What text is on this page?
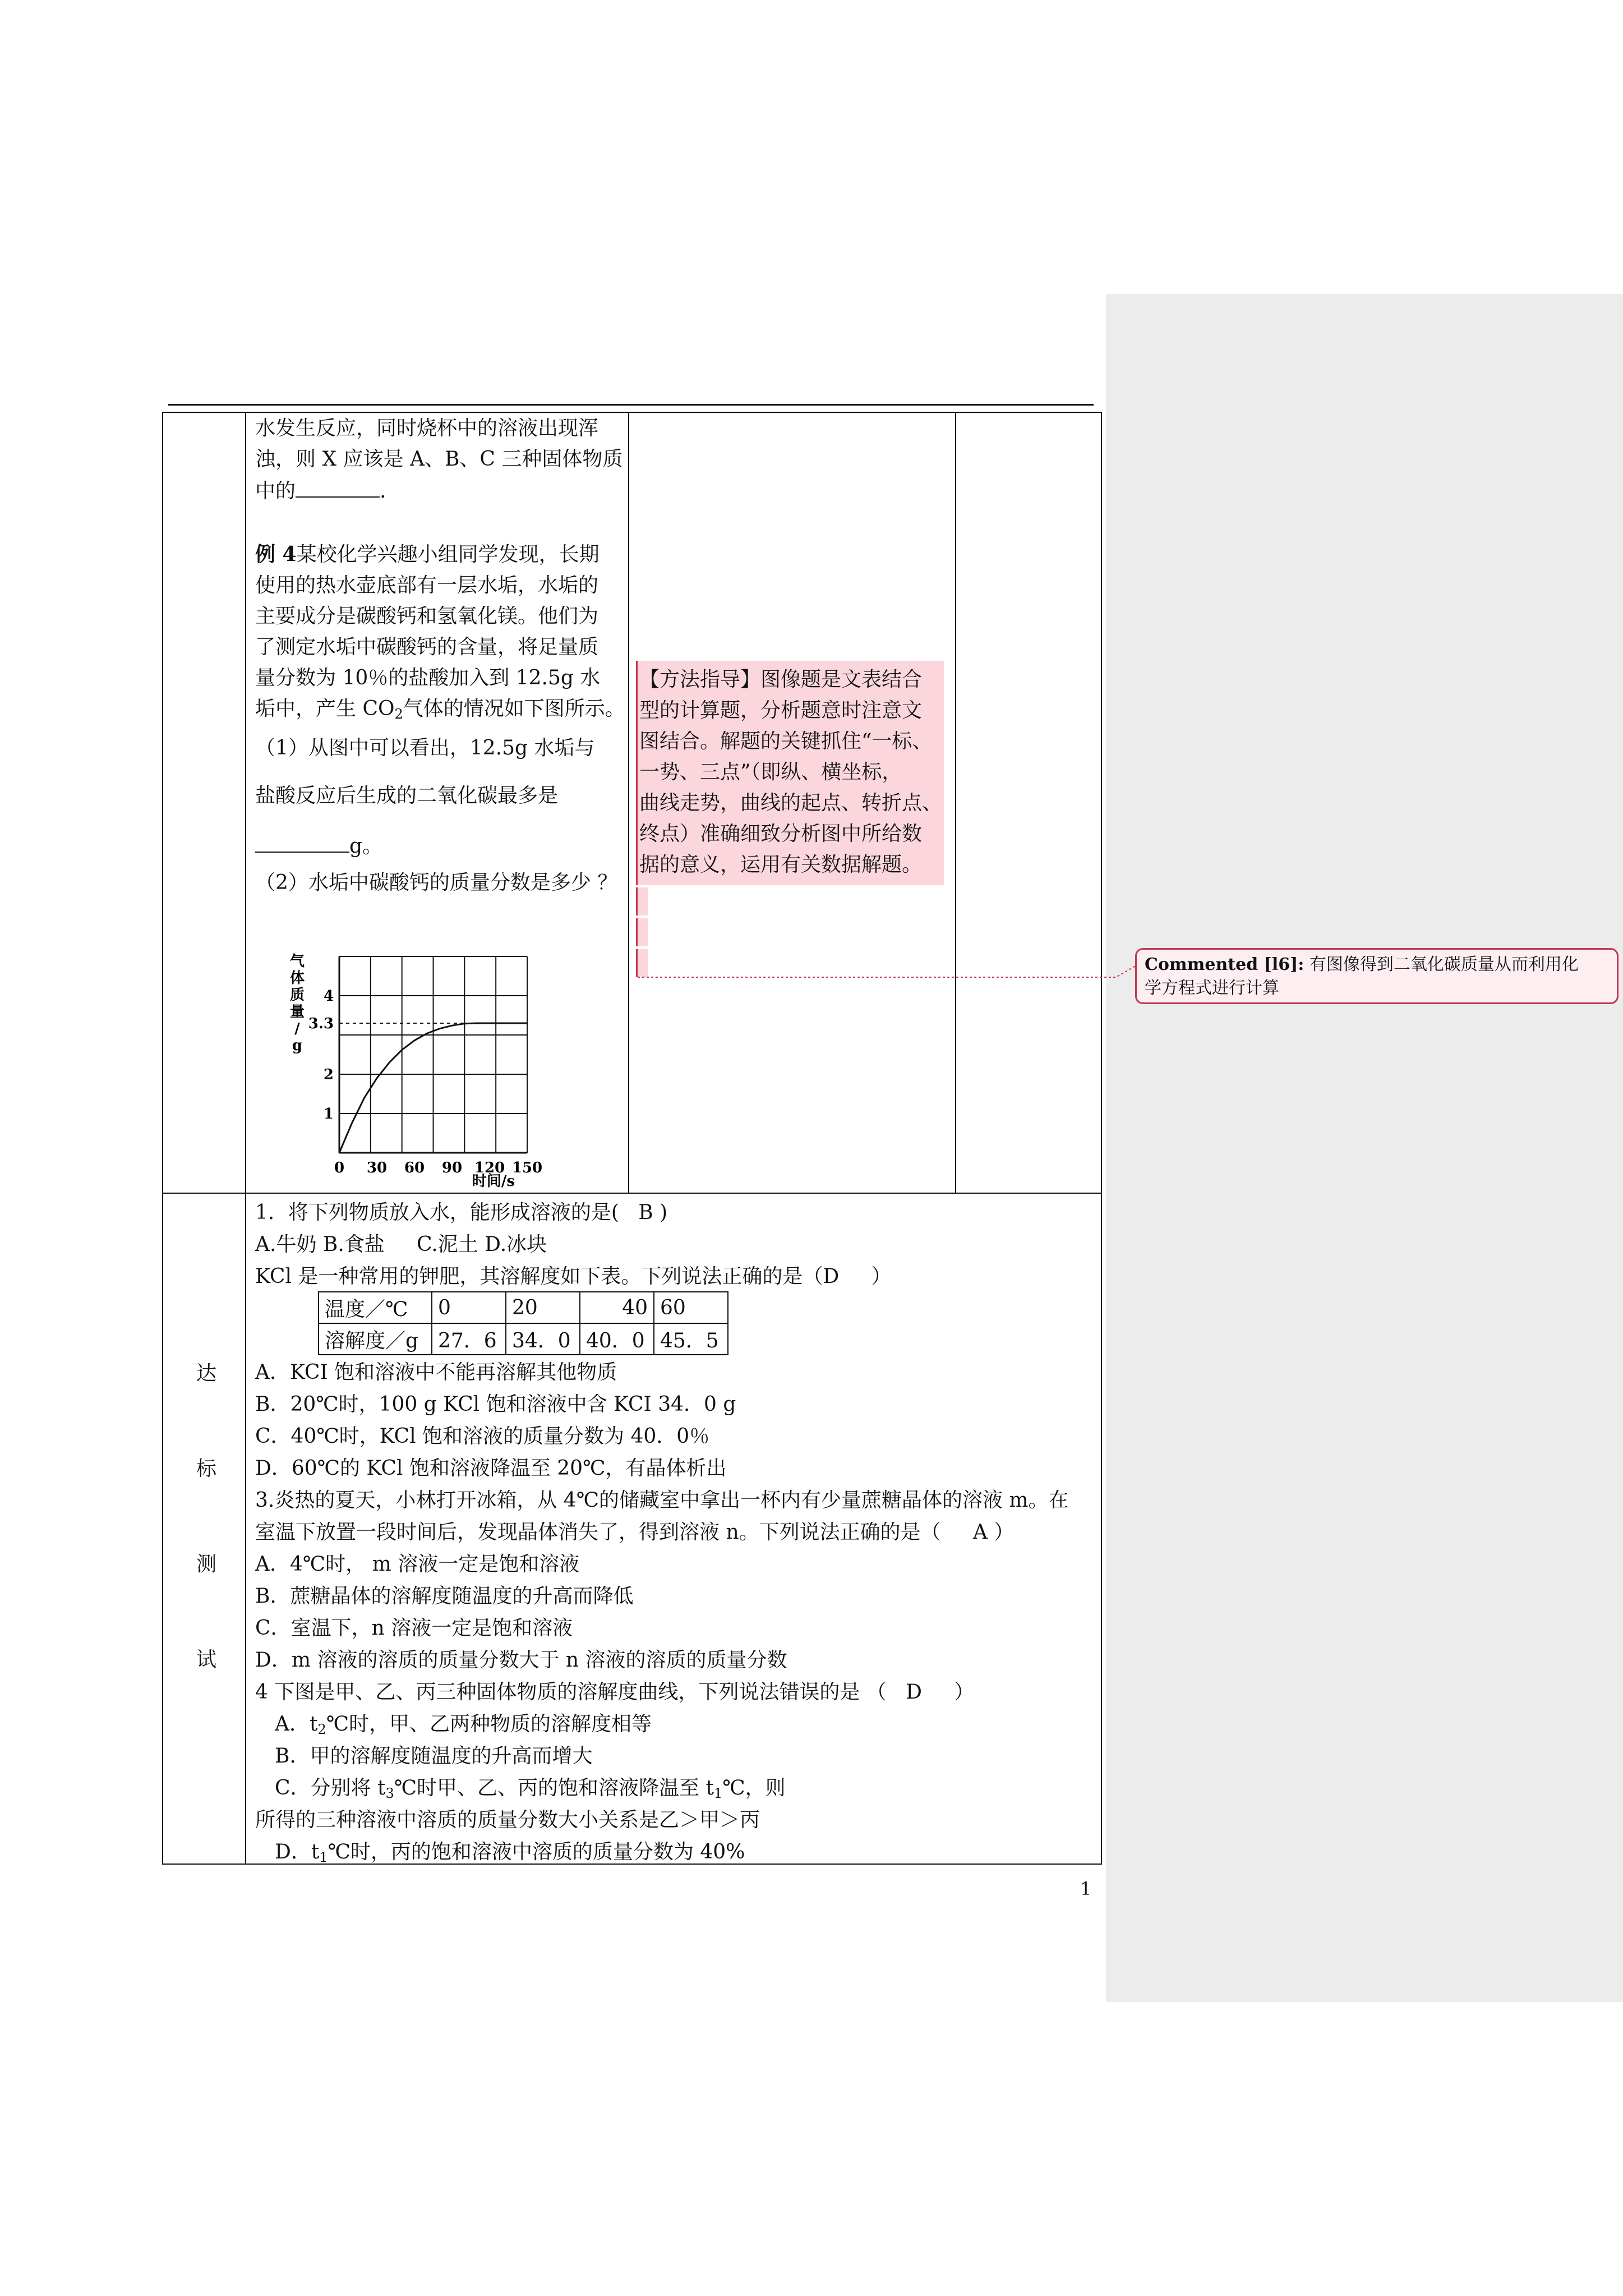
水发生反应，同时烧杯中的溶液出现浑
浊，则 X 应该是 A、B、C 三种固体物质
中的	.
例 4某校化学兴趣小组同学发现，长期
使用的热水壶底部有一层水垢，水垢的
主要成分是碳酸钙和氢氧化镁。他们为
了测定水垢中碳酸钙的含量，将足量质
量分数为 10％的盐酸加入到 12.5g 水
垢中，产生 $CO_2$气体的情况如下图所示。
（1）从图中可以看出，12.5g 水垢与
盐酸反应后生成的二氧化碳最多是
g。
（2）水垢中碳酸钙的质量分数是多少 ？
1
2
3.3
4
0 30 60 90 120 150
气
体
质
量
/
g
时间/s
【方法指导】图像题是文表结合
型的计算题，分析题意时注意文
图结合。解题的关键抓住“一标、
一势、三点”（即纵、横坐标，
曲线走势，曲线的起点、转折点、
终点）准确细致分析图中所给数
据的意义，运用有关数据解题。
Commented [l6]: 有图像得到二氧化碳质量从而利用化
学方程式进行计算
达
标
测
试
1．将下列物质放入水，能形成溶液的是(   B )
A.牛奶 B.食盐     C.泥土 D.冰块
KCl 是一种常用的钾肥，其溶解度如下表。下列说法正确的是（D     ）
温度／℃	0	20	40	60
溶解度／g	27．6	34．0	40．0	45．5
A．KCI 饱和溶液中不能再溶解其他物质
B．20℃时，100 g KCl 饱和溶液中含 KCI 34．0 g
C．40℃时，KCl 饱和溶液的质量分数为 40．0％
D．60℃的 KCl 饱和溶液降温至 20℃，有晶体析出
3.炎热的夏天，小林打开冰箱，从 4℃的储藏室中拿出一杯内有少量蔗糖晶体的溶液 m。在
室温下放置一段时间后，发现晶体消失了，得到溶液 n。下列说法正确的是（     A ）
A．4℃时， m 溶液一定是饱和溶液
B．蔗糖晶体的溶解度随温度的升高而降低
C．室温下，n 溶液一定是饱和溶液
D．m 溶液的溶质的质量分数大于 n 溶液的溶质的质量分数
4 下图是甲、乙、丙三种固体物质的溶解度曲线，下列说法错误的是 （   D     ）
A．$t_2℃$时，甲、乙两种物质的溶解度相等
B．甲的溶解度随温度的升高而增大
C．分别将 $t_3℃$时甲、乙、丙的饱和溶液降温至 $t_1℃$，则
所得的三种溶液中溶质的质量分数大小关系是乙＞甲＞丙
D．$t_1℃$时，丙的饱和溶液中溶质的质量分数为 40%
1
